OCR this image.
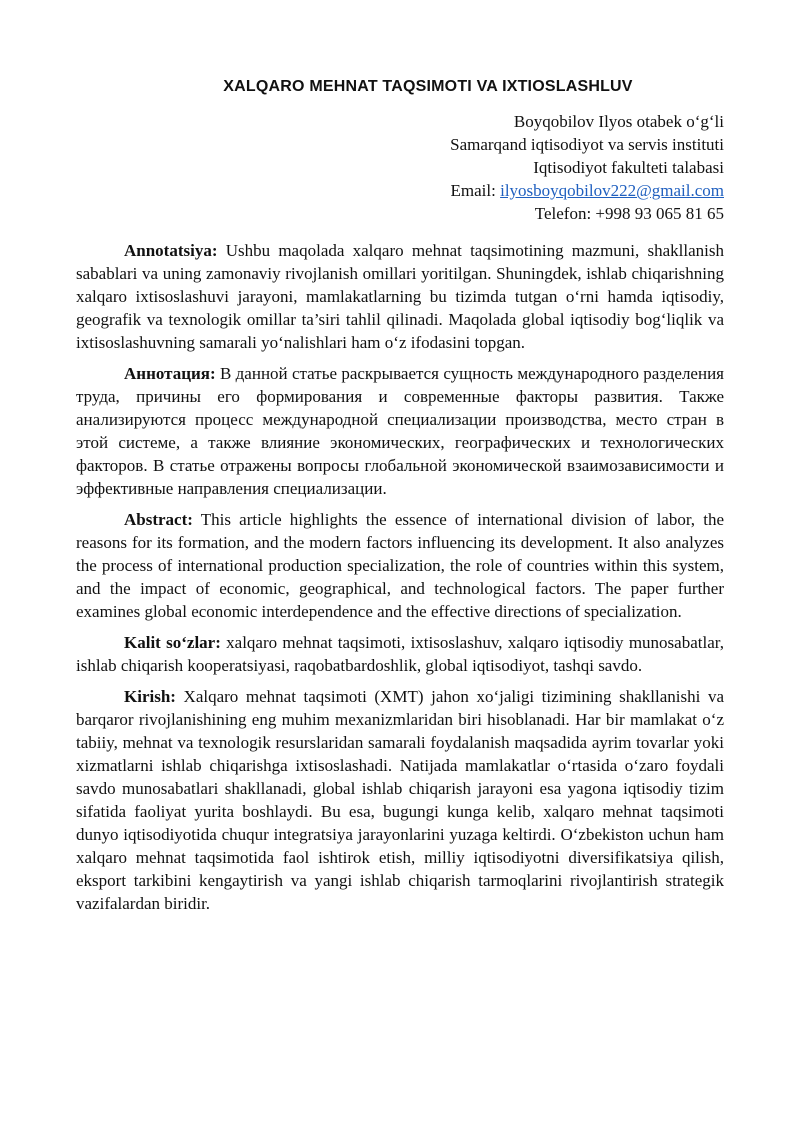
XALQARO MEHNAT TAQSIMOTI VA IXTIOSLASHLUV
Boyqobilov Ilyos otabek o‘g‘li
Samarqand iqtisodiyot va servis instituti
Iqtisodiyot fakulteti talabasi
Email: ilyosboyqobilov222@gmail.com
Telefon: +998 93 065 81 65

Annotatsiya: Ushbu maqolada xalqaro mehnat taqsimotining mazmuni, shakllanish sabablari va uning zamonaviy rivojlanish omillari yoritilgan. Shuningdek, ishlab chiqarishning xalqaro ixtisoslashuvi jarayoni, mamlakatlarning bu tizimda tutgan o‘rni hamda iqtisodiy, geografik va texnologik omillar ta’siri tahlil qilinadi. Maqolada global iqtisodiy bog‘liqlik va ixtisoslashuvning samarali yo‘nalishlari ham o‘z ifodasini topgan.

Аннотация: В данной статье раскрывается сущность международного разделения труда, причины его формирования и современные факторы развития. Также анализируются процесс международной специализации производства, место стран в этой системе, а также влияние экономических, географических и технологических факторов. В статье отражены вопросы глобальной экономической взаимозависимости и эффективные направления специализации.

Abstract: This article highlights the essence of international division of labor, the reasons for its formation, and the modern factors influencing its development. It also analyzes the process of international production specialization, the role of countries within this system, and the impact of economic, geographical, and technological factors. The paper further examines global economic interdependence and the effective directions of specialization.

Kalit so‘zlar: xalqaro mehnat taqsimoti, ixtisoslashuv, xalqaro iqtisodiy munosabatlar, ishlab chiqarish kooperatsiyasi, raqobatbardoshlik, global iqtisodiyot, tashqi savdo.

Kirish: Xalqaro mehnat taqsimoti (XMT) jahon xo‘jaligi tizimining shakllanishi va barqaror rivojlanishining eng muhim mexanizmlaridan biri hisoblanadi. Har bir mamlakat o‘z tabiiy, mehnat va texnologik resurslaridan samarali foydalanish maqsadida ayrim tovarlar yoki xizmatlarni ishlab chiqarishga ixtisoslashadi. Natijada mamlakatlar o‘rtasida o‘zaro foydali savdo munosabatlari shakllanadi, global ishlab chiqarish jarayoni esa yagona iqtisodiy tizim sifatida faoliyat yurita boshlaydi. Bu esa, bugungi kunga kelib, xalqaro mehnat taqsimoti dunyo iqtisodiyotida chuqur integratsiya jarayonlarini yuzaga keltirdi. O‘zbekiston uchun ham xalqaro mehnat taqsimotida faol ishtirok etish, milliy iqtisodiyotni diversifikatsiya qilish, eksport tarkibini kengaytirish va yangi ishlab chiqarish tarmoqlarini rivojlantirish strategik vazifalardan biridir.
